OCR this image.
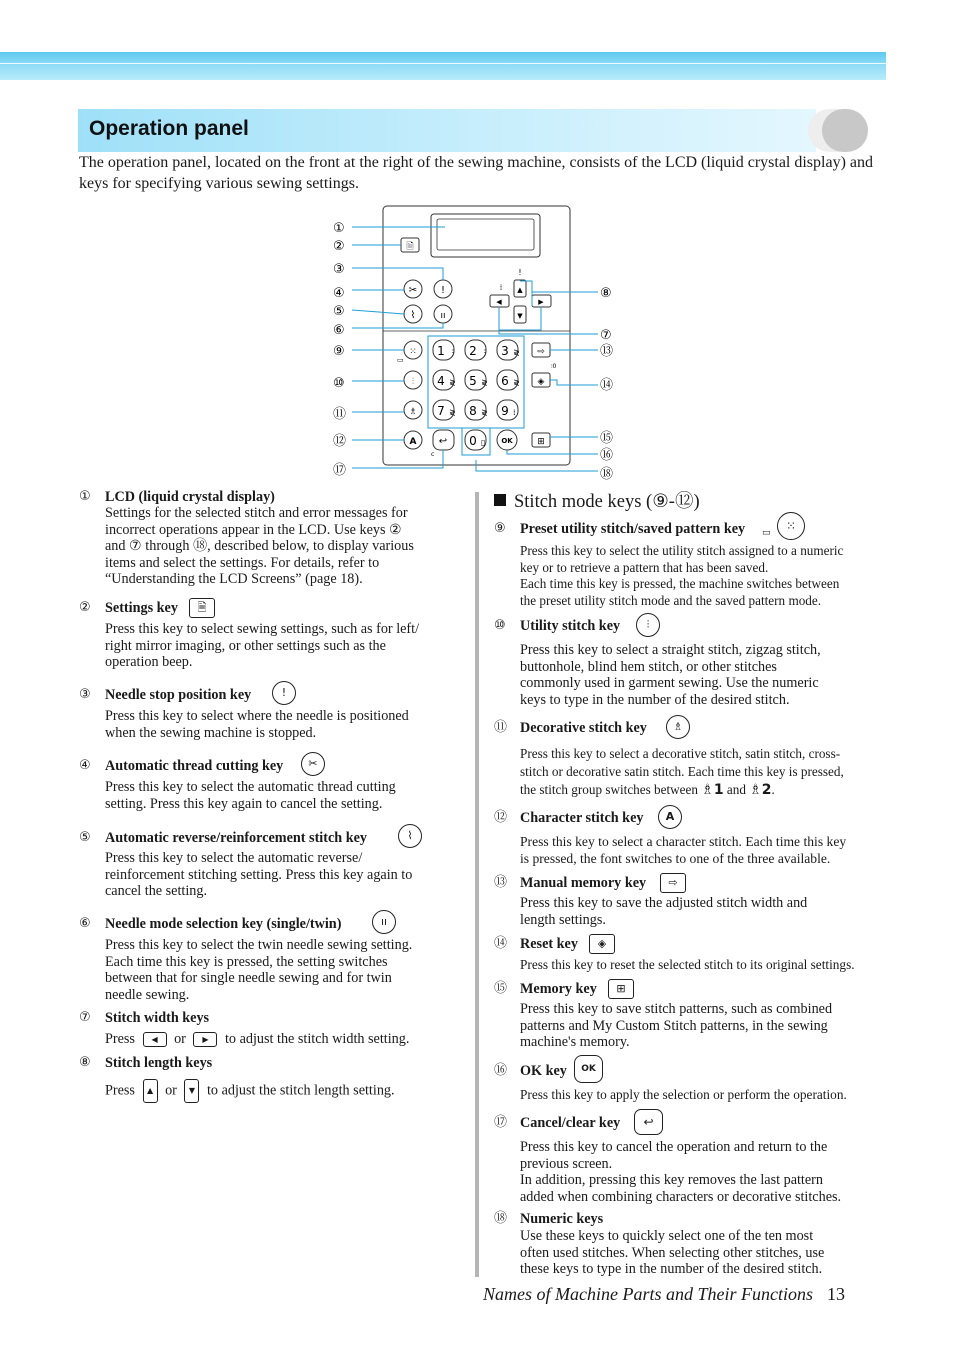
Operation panel
The operation panel, located on the front at the right of the sewing machine, consists of the LCD (liquid crystal display) and keys for specifying various sewing settings.
🗎
✂ !
⌇	ıı
!
⁞ ▲
▼
◀	▶
⁙
▭
⫶
♗
A
1 2 3
4 5 6
7 8 9
0
⋮	⋮	≷
≷	≷	≷
≷	≷	⁞
▯
↩
c
OK
⇨
◈
⫶0
⊞
①
②
③
④
⑤
⑥
⑨
⑩
⑪
⑫
⑰
⑧
⑦
⑬
⑭
⑮
⑯
⑱
① LCD (liquid crystal display)
Settings for the selected stitch and error messages for
incorrect operations appear in the LCD. Use keys ②
and ⑦ through ⑱, described below, to display various
items and select the settings. For details, refer to
“Understanding the LCD Screens” (page 18).
② Settings key	🗎
Press this key to select sewing settings, such as for left/
right mirror imaging, or other settings such as the
operation beep.
③ Needle stop position key	!
Press this key to select where the needle is positioned
when the sewing machine is stopped.
④ Automatic thread cutting key	✂
Press this key to select the automatic thread cutting
setting. Press this key again to cancel the setting.
⑤ Automatic reverse/reinforcement stitch key	⌇
Press this key to select the automatic reverse/
reinforcement stitching setting. Press this key again to
cancel the setting.
⑥ Needle mode selection key (single/twin)	ıı
Press this key to select the twin needle sewing setting.
Each time this key is pressed, the setting switches
between that for single needle sewing and for twin
needle sewing.
⑦ Stitch width keys
Press ◀ or ▶ to adjust the stitch width setting.
⑧ Stitch length keys
Press ▲ or ▼ to adjust the stitch length setting.
Stitch mode keys (⑨-⑫)
⑨ Preset utility stitch/saved pattern key ▭	⁙
Press this key to select the utility stitch assigned to a numeric
key or to retrieve a pattern that has been saved.
Each time this key is pressed, the machine switches between
the preset utility stitch mode and the saved pattern mode.
⑩ Utility stitch key	⫶
Press this key to select a straight stitch, zigzag stitch,
buttonhole, blind hem stitch, or other stitches
commonly used in garment sewing. Use the numeric
keys to type in the number of the desired stitch.
⑪ Decorative stitch key	♗
Press this key to select a decorative stitch, satin stitch, cross-
stitch or decorative satin stitch. Each time this key is pressed,
the stitch group switches between ♗1 and ♗2.
⑫ Character stitch key	A
Press this key to select a character stitch. Each time this key
is pressed, the font switches to one of the three available.
⑬ Manual memory key	⇨
Press this key to save the adjusted stitch width and
length settings.
⑭ Reset key	◈
Press this key to reset the selected stitch to its original settings.
⑮ Memory key	⊞
Press this key to save stitch patterns, such as combined
patterns and My Custom Stitch patterns, in the sewing
machine's memory.
⑯ OK key	OK
Press this key to apply the selection or perform the operation.
⑰ Cancel/clear key	↩
Press this key to cancel the operation and return to the
previous screen.
In addition, pressing this key removes the last pattern
added when combining characters or decorative stitches.
⑱ Numeric keys
Use these keys to quickly select one of the ten most
often used stitches. When selecting other stitches, use
these keys to type in the number of the desired stitch.
Names of Machine Parts and Their Functions 13
